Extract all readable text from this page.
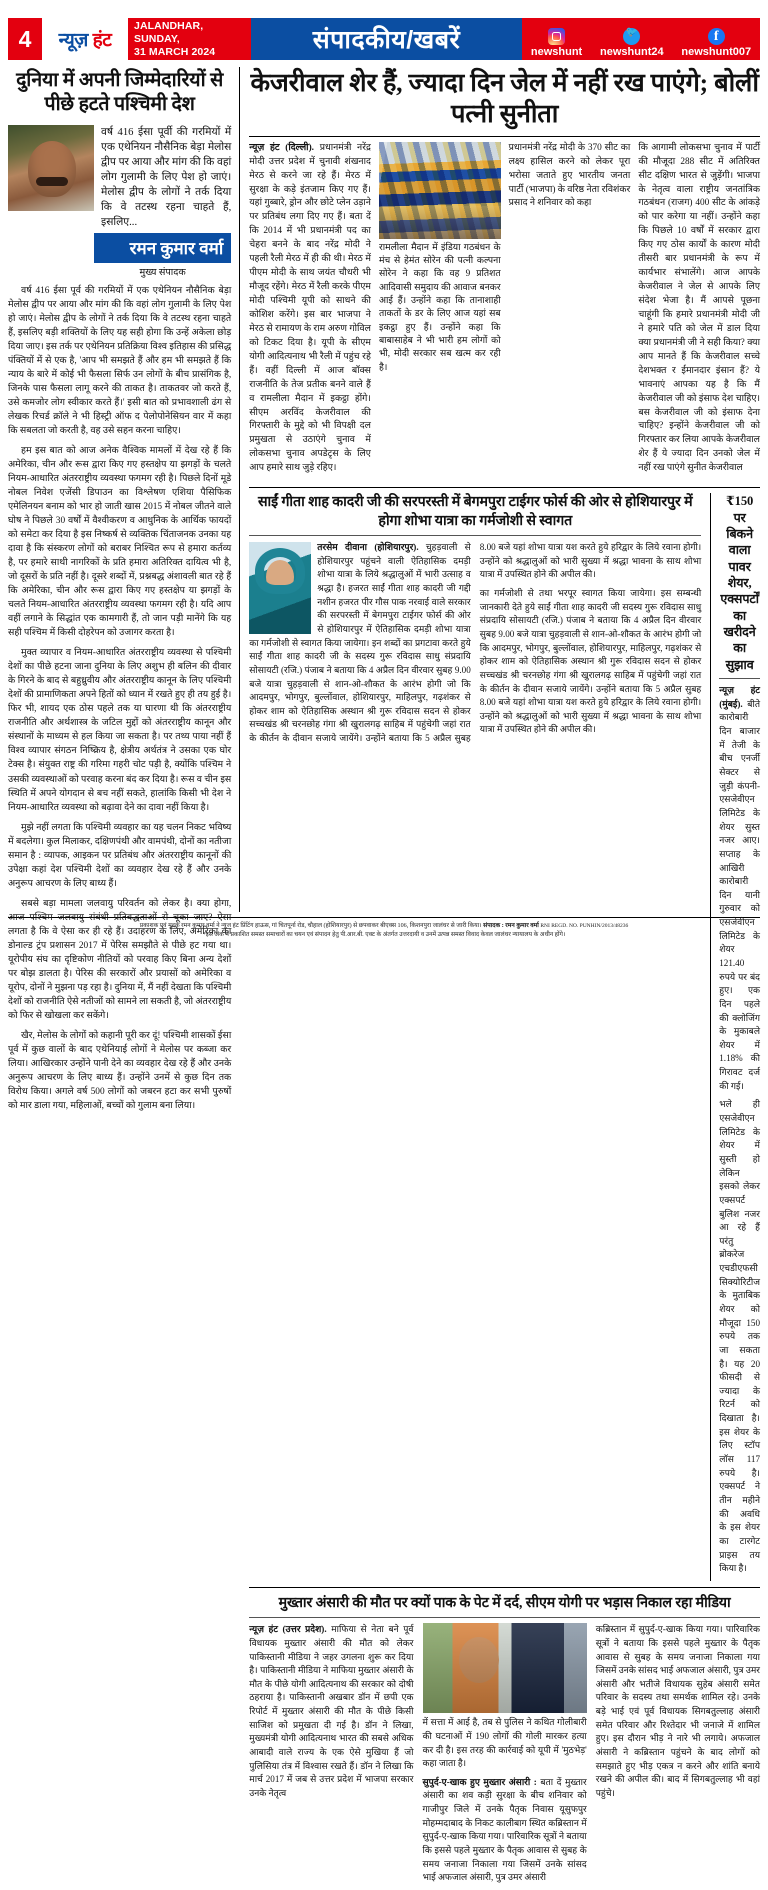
4	न्यूज़
हंट
JALANDHAR, SUNDAY,
31 MARCH 2024	संपादकीय/खबरें	newshunt
🐦 newshunt24
f
newshunt007
दुनिया में अपनी जिम्मेदारियों से पीछे हटते पश्चिमी देश
वर्ष 416 ईसा पूर्वी की गरमियों में एक एथेनियन नौसैनिक बेड़ा मेलोस द्वीप पर आया और मांग की कि वहां लोग गुलामी के लिए पेश हो जाएं। मेलोस द्वीप के लोगों ने तर्क दिया कि वे तटस्थ रहना चाहते हैं, इसलिए...
रमन कुमार वर्मा
मुख्य संपादक

वर्ष 416 ईसा पूर्व की गरमियों में एक एथेनियन नौसैनिक बेड़ा मेलोस द्वीप पर आया और मांग की कि वहां लोग गुलामी के लिए पेश हो जाएं। मेलोस द्वीप के लोगों ने तर्क दिया कि वे तटस्थ रहना चाहते हैं, इसलिए बड़ी शक्तियों के लिए यह सही होगा कि उन्हें अकेला छोड़ दिया जाए। इस तर्क पर एथेनियन प्रतिक्रिया विश्व इतिहास की प्रसिद्ध पंक्तियों में से एक है, 'आप भी समझते हैं और हम भी समझते हैं कि न्याय के बारे में कोई भी फैसला सिर्फ उन लोगों के बीच प्रासंगिक है, जिनके पास फैसला लागू करने की ताकत है। ताकतवर जो करते हैं, उसे कमजोर लोग स्वीकार करते हैं।' इसी बात को प्रभावशाली ढंग से लेखक रिचर्ड क्रॉले ने भी हिस्ट्री ऑफ द पेलोपोनेसियन वार में कहा कि सबलता जो करती है, वह उसे सहन करना चाहिए।

हम इस बात को आज अनेक वैश्विक मामलों में देख रहे हैं कि अमेरिका, चीन और रूस द्वारा किए गए हस्तक्षेप या झगड़ों के चलते नियम-आधारित अंतरराष्ट्रीय व्यवस्था फगमग रही है। पिछले दिनों मूडे नोबल निवेश एजेंसी डिपाउन का विश्लेषण एशिया पैसिफिक एमेलिनयन बनाम को भार हो जाती खास 2015 में नोबल जीतने वाले घोष ने पिछले 30 वर्षों में वैश्वीकरण व आधुनिक के आर्थिक फायदों को समेटा कर दिया है इस निष्कर्ष से व्यक्तिक चिंताजनक उनका यह दावा है कि संस्करण लोगों को बराबर निश्चित रूप से हमारा कर्तव्य है, पर हमारे साथी नागरिकों के प्रति हमारा अतिरिक्त दायित्व भी है, जो दूसरों के प्रति नहीं है। दूसरे शब्दों में, प्रश्नबद्ध अंशावली बात रहे हैं कि अमेरिका, चीन और रूस द्वारा किए गए हस्तक्षेप या झगड़ों के चलते नियम-आधारित अंतरराष्ट्रीय व्यवस्था फगमग रही है। यदि आप वहीं लगाने के सिद्धांत एक कामगारी हैं, तो जान पड़ी मानेंगे कि यह सही पश्चिम में किसी दोहरेपन को उजागर करता है।

मुक्त व्यापार व नियम-आधारित अंतरराष्ट्रीय व्यवस्था से पश्चिमी देशों का पीछे हटना जाना दुनिया के लिए अशुभ ही बलिन की दीवार के गिरने के बाद से बहुध्रुवीय और अंतरराष्ट्रीय कानून के लिए पश्चिमी देशों की प्रामाणिकता अपने हितों को ध्यान में रखते हुए ही तय हुई है। फिर भी, शायद एक ठोस पहले तक या घारणा थी कि अंतरराष्ट्रीय राजनीति और अर्थशास्त्र के जटिल मुद्दों को अंतरराष्ट्रीय कानून और संस्थानों के माध्यम से हल किया जा सकता है। पर तथ्य पाया नहीं हैं विश्व व्यापार संगठन निष्क्रिय है, क्षेत्रीय अर्थतंत्र ने उसका एक घोर टेक्स है। संयुक्त राष्ट्र की गरिमा गहरी चोट पड़ी है, क्योंकि पश्चिम ने उसकी व्यवस्थाओं को परवाह करना बंद कर दिया है। रूस व चीन इस स्थिति में अपने योगदान से बच नहीं सकते, हालांकि किसी भी देश ने नियम-आधारित व्यवस्था को बढ़ावा देने का दावा नहीं किया है।

मुझे नहीं लगता कि पश्चिमी व्यवहार का यह चलन निकट भविष्य में बदलेगा। कुल मिलाकर, दक्षिणपंथी और वामपंथी, दोनों का नतीजा समान है : व्यापक, आइकन पर प्रतिबंध और अंतरराष्ट्रीय कानूनों की उपेक्षा कहां देश पश्चिमी देशों का व्यवहार देख रहे हैं और उनके अनुरूप आचरण के लिए बाध्य हैं।

सबसे बड़ा मामला जलवायु परिवर्तन को लेकर है। क्या होगा, आज पश्चिम जलवायु संबंधी प्रतिबद्धताओं से चूका जाए? ऐसा लगता है कि वे ऐसा कर ही रहे हैं। उदाहरण के लिए, अमेरिका का डोनाल्ड ट्रंप प्रशासन 2017 में पेरिस समझौते से पीछे हट गया था। यूरोपीय संघ का दृष्टिकोण नीतियों को परवाह किए बिना अन्य देशों पर बोझ डालता है। पेरिस की सरकारों और प्रयासों को अमेरिका व यूरोप, दोनों ने मुझना पड़ रहा है। दुनिया में, मैं नहीं देखता कि पश्चिमी देशों को राजनीति ऐसे नतीजों को सामने ला सकती है, जो अंतरराष्ट्रीय को फिर से खोखला कर सकेंगे।

खैर, मेलोस के लोगों को कहानी पूरी कर दूं! पश्चिमी शासकों ईसा पूर्व में कुछ वालों के बाद एथेनियाई लोगों ने मेलोस पर कब्जा कर लिया। आखिरकार उन्होंने पानी देने का व्यवहार देख रहे हैं और उनके अनुरूप आचरण के लिए बाध्य हैं। उन्होंने उनमें से कुछ दिन तक विरोध किया। अगले वर्ष 500 लोगों को जबरन हटा कर सभी पुरुषों को मार डाला गया, महिलाओं, बच्चों को गुलाम बना लिया।

केजरीवाल शेर हैं, ज्यादा दिन जेल में नहीं रख पाएंगे; बोलीं पत्नी सुनीता

न्यूज़ हंट (दिल्ली). प्रधानमंत्री नरेंद्र मोदी उत्तर प्रदेश में चुनावी शंखनाद मेरठ से करने जा रहे हैं। मेरठ में सुरक्षा के कड़े इंतजाम किए गए हैं। यहां गुब्बारे, ड्रोन और छोटे प्लेन उड़ाने पर प्रतिबंध लगा दिए गए हैं। बता दें कि 2014 में भी प्रधानमंत्री पद का चेहरा बनने के बाद नरेंद्र मोदी ने पहली रैली मेरठ में ही की थी। मेरठ में पीएम मोदी के साथ जयंत चौधरी भी मौजूद रहेंगे। मेरठ में रैली करके पीएम मोदी पश्चिमी यूपी को साधने की कोशिश करेंगे। इस बार भाजपा ने मेरठ से रामायण के राम अरुण गोविल को टिकट दिया है। यूपी के सीएम योगी आदित्यनाथ भी रैली में पहुंच रहे हैं। वहीं दिल्ली में आज बॉक्स राजनीति के तेज प्रतीक बनने वाले हैं व रामलीला मैदान में इकट्ठा होंगे। सीएम अरविंद केजरीवाल की गिरफ्तारी के मुद्दे को भी विपक्षी दल प्रमुखता से उठाएंगे चुनाव में लोकसभा चुनाव अपडेटृस के लिए आप हमारे साथ जुड़े रहिए।

रामलीला मैदान में इंडिया गठबंधन के मंच से हेमंत सोरेन की पत्नी कल्पना सोरेन ने कहा कि वह 9 प्रतिशत आदिवासी समुदाय की आवाज बनकर आई हैं। उन्होंने कहा कि तानाशाही ताकतों के डर के लिए आज यहां सब इकट्ठा हुए हैं। उन्होंने कहा कि बाबासाहेब ने भी भारी हम लोगों को भी, मोदी सरकार सब खत्म कर रही है।

प्रधानमंत्री नरेंद्र मोदी के 370 सीट का लक्ष्य हासिल करने को लेकर पूरा भरोसा जताते हुए भारतीय जनता पार्टी (भाजपा) के वरिष्ठ नेता रविशंकर प्रसाद ने शनिवार को कहा

कि आगामी लोकसभा चुनाव में पार्टी की मौजूदा 288 सीट में अतिरिक्त सीट दक्षिण भारत से जुड़ेंगी। भाजपा के नेतृत्व वाला राष्ट्रीय जनतांत्रिक गठबंधन (राजग) 400 सीट के आंकड़े को पार करेगा या नहीं। उन्होंने कहा कि पिछले 10 वर्षों में सरकार द्वारा किए गए ठोस कार्यों के कारण मोदी तीसरी बार प्रधानमंत्री के रूप में कार्यभार संभालेंगे। आज आपके केजरीवाल ने जेल से आपके लिए संदेश भेजा है। मैं आपसे पूछना चाहूंगी कि हमारे प्रधानमंत्री मोदी जी ने हमारे पति को जेल में डाल दिया क्या प्रधानमंत्री जी ने सही किया? क्या आप मानते हैं कि केजरीवाल सच्चे देशभक्त र ईमानदार इंसान हैं? ये भावनाएं आपका यह है कि मैं केजरीवाल जी को इंसाफ देश चाहिए। बस केजरीवाल जी को इंसाफ देना चाहिए? इन्होंने केजरीवाल जी को गिरफ्तार कर लिया आपके केजरीवाल शेर हैं ये ज्यादा दिन उनको जेल में नहीं रख पाएंगे सुनीत केजरीवाल

साईं गीता शाह कादरी जी की सरपरस्ती में बेगमपुरा टाईगर फोर्स की ओर से होशियारपुर में होगा शोभा यात्रा का गर्मजोशी से स्वागत

तरसेम दीवाना (होशियारपुर). चुहड़वाली से होशियारपुर पहुंचने वाली ऐतिहासिक दमड़ी शोभा यात्रा के लिये श्रद्धालुओं में भारी उत्साह व श्रद्धा है। हजरत साईं गीता शाह कादरी जी गद्दी नशीन हजरत पीर गौस पाक नरवाई वाले सरकार की सरपरस्ती में बेगमपुरा टाईगर फोर्स की ओर से होशियारपुर में ऐतिहासिक दमड़ी शोभा यात्रा का गर्मजोशी से स्वागत किया जायेगा। इन शब्दों का प्रगटावा करते हुये साईं गीता शाह कादरी जी के सदस्य गुरू रविदास साधु संप्रदायि सोसायटी (रजि.) पंजाब ने बताया कि 4 अप्रैल दिन वीरवार सुबह 9.00 बजे यात्रा चुहड़वाली से शान-ओ-शौकत के आरंभ होगी जो कि आदमपुर, भोगपुर, बुल्लोंवाल, होशियारपुर, माहिलपुर, गढ़शंकर से होकर शाम को ऐतिहासिक अस्थान श्री गुरू रविदास सदन से होकर सच्चखंड श्री चरनछोह गंगा श्री खुरालगढ़ साहिब में पहुंचेगी जहां रात के कीर्तन के दीवान सजाये जायेंगे। उन्होंने बताया कि 5 अप्रैल सुबह 8.00 बजे यहां शोभा यात्रा यश करते हुये हरिद्वार के लिये रवाना होगी। उन्होंने को श्रद्धालुओं को भारी सुख्या में श्रद्धा भावना के साथ शोभा यात्रा में उपस्थित होने की अपील की।

का गर्मजोशी से तथा भरपूर स्वागत किया जायेगा। इस सम्बन्धी जानकारी देते हुये साईं गीता शाह कादरी जी सदस्य गुरू रविदास साधु संप्रदायि सोसायटी (रजि.) पंजाब ने बताया कि 4 अप्रैल दिन वीरवार सुबह 9.00 बजे यात्रा चुहड़वाली से शान-ओ-शौकत के आरंभ होगी जो कि आदमपुर, भोगपुर, बुल्लोंवाल, होशियारपुर, माहिलपुर, गढ़शंकर से होकर शाम को ऐतिहासिक अस्थान श्री गुरू रविदास सदन से होकर सच्चखंड श्री चरनछोह गंगा श्री खुरालगढ़ साहिब में पहुंचेगी जहां रात के कीर्तन के दीवान सजाये जायेंगे। उन्होंने बताया कि 5 अप्रैल सुबह 8.00 बजे यहां शोभा यात्रा यश करते हुये हरिद्वार के लिये रवाना होगी। उन्होंने को श्रद्धालुओं को भारी सुख्या में श्रद्धा भावना के साथ शोभा यात्रा में उपस्थित होने की अपील की।

₹150 पर बिकने वाला पावर शेयर, एक्सपर्टों का खरीदने का सुझाव

न्यूज़ हंट (मुंबई). बीते कारोबारी दिन बाजार में तेजी के बीच एनर्जी सेक्टर से जुड़ी कंपनी- एसजेवीएन लिमिटेड के शेयर सुस्त नजर आए। सप्ताह के आखिरी कारोबारी दिन यानी गुरुवार को एसजेवीएन लिमिटेड के शेयर 121.40 रुपये पर बंद हुए। एक दिन पहले की क्लोजिंग के मुकाबले शेयर में 1.18% की गिरावट दर्ज की गई।

भले ही एसजेवीएन लिमिटेड के शेयर में सुस्ती हो लेकिन इसको लेकर एक्सपर्ट बुलिश नजर आ रहे हैं परंतु ब्रोकरेज एचडीएफसी सिक्योरिटीज के मुताबिक शेयर को मौजूदा 150 रुपये तक जा सकता है। यह 20 फीसदी से ज्यादा के रिटर्न को दिखाता है। इस शेयर के लिए स्टॉप लॉस 117 रुपये है। एक्सपर्ट ने तीन महीने की अवधि के इस शेयर का टारगेट प्राइस तय किया है।

मुख्तार अंसारी की मौत पर क्यों पाक के पेट में दर्द, सीएम योगी पर भड़ास निकाल रहा मीडिया

न्यूज़ हंट (उत्तर प्रदेश). माफिया से नेता बने पूर्व विधायक मुख्तार अंसारी की मौत को लेकर पाकिस्तानी मीडिया ने जहर उगलना शुरू कर दिया है। पाकिस्तानी मीडिया ने माफिया मुख्तार अंसारी के मौत के पीछे योगी आदित्यनाथ की सरकार को दोषी ठहराया है। पाकिस्तानी अखबार डॉन में छपी एक रिपोर्ट में मुख्तार अंसारी की मौत के पीछे किसी साजिश को प्रमुखता दी गई है। डॉन ने लिखा, मुख्यमंत्री योगी आदित्यनाथ भारत की सबसे अधिक आबादी वाले राज्य के एक ऐसे मुखिया हैं जो पुलिसिया तंत्र में विश्वास रखते हैं। डॉन ने लिखा कि मार्च 2017 में जब से उत्तर प्रदेश में भाजपा सरकार उनके नेतृत्व

में सत्ता में आई है, तब से पुलिस ने कथित गोलीबारी की घटनाओं में 190 लोगों की गोली मारकर हत्या कर दी है। इस तरह की कार्रवाई को यूपी में 'मुठभेड़' कहा जाता है।

सुपुर्द-ए-खाक हुए मुख्तार अंसारी : बता दें मुख्तार अंसारी का शव कड़ी सुरक्षा के बीच शनिवार को गाजीपुर जिले में उनके पैतृक निवास यूसुफपुर मोहम्मदाबाद के निकट कालीबाग स्थित कब्रिस्तान में सुपुर्द-ए-खाक किया गया। पारिवारिक सूत्रों ने बताया कि इससे पहले मुख्तार के पैतृक आवास से सुबह के समय जनाजा निकाला गया जिसमें उनके सांसद भाई अफजाल अंसारी, पुत्र उमर अंसारी

कब्रिस्तान में सुपुर्द-ए-खाक किया गया। पारिवारिक सूत्रों ने बताया कि इससे पहले मुख्तार के पैतृक आवास से सुबह के समय जनाजा निकाला गया जिसमें उनके सांसद भाई अफजाल अंसारी, पुत्र उमर अंसारी और भतीजे विधायक सुहेब अंसारी समेत परिवार के सदस्य तथा समर्थक शामिल रहे। उनके बड़े भाई एवं पूर्व विधायक सिगबतुल्लाह अंसारी समेत परिवार और रिश्तेदार भी जनाजे में शामिल हुए। इस दौरान भीड़ ने नारे भी लगाये। अफजाल अंसारी ने कब्रिस्तान पहुंचने के बाद लोगों को समझाते हुए भीड़ एकत्र न करने और शांति बनाये रखने की अपील की। बाद में सिगबतुल्लाह भी वहां पहुंचे।

प्रकाशक एवं मुद्रक रमन कुमार वर्मा ने न्यूज हंट प्रिंटिंग हाऊस, गां चितपूर्ना रोड, चौहाल (होशियारपुर) से छपवाकर बीएक्स 106, किशनपुरा जालंधर से जारी किया। संपादक : रमन कुमार वर्मा RNI REGD. NO. PUNHIN/2013/48236
*इस अंक में प्रकाशित समस्त समाचारों का चयन एवं संपादन हेतु पी.आर.बी. एक्ट के अंतर्गत उत्तरदायी व उनमें उत्पन्न समस्त विवाद केवल जालंधर न्यायालय के अधीन होंगे।
